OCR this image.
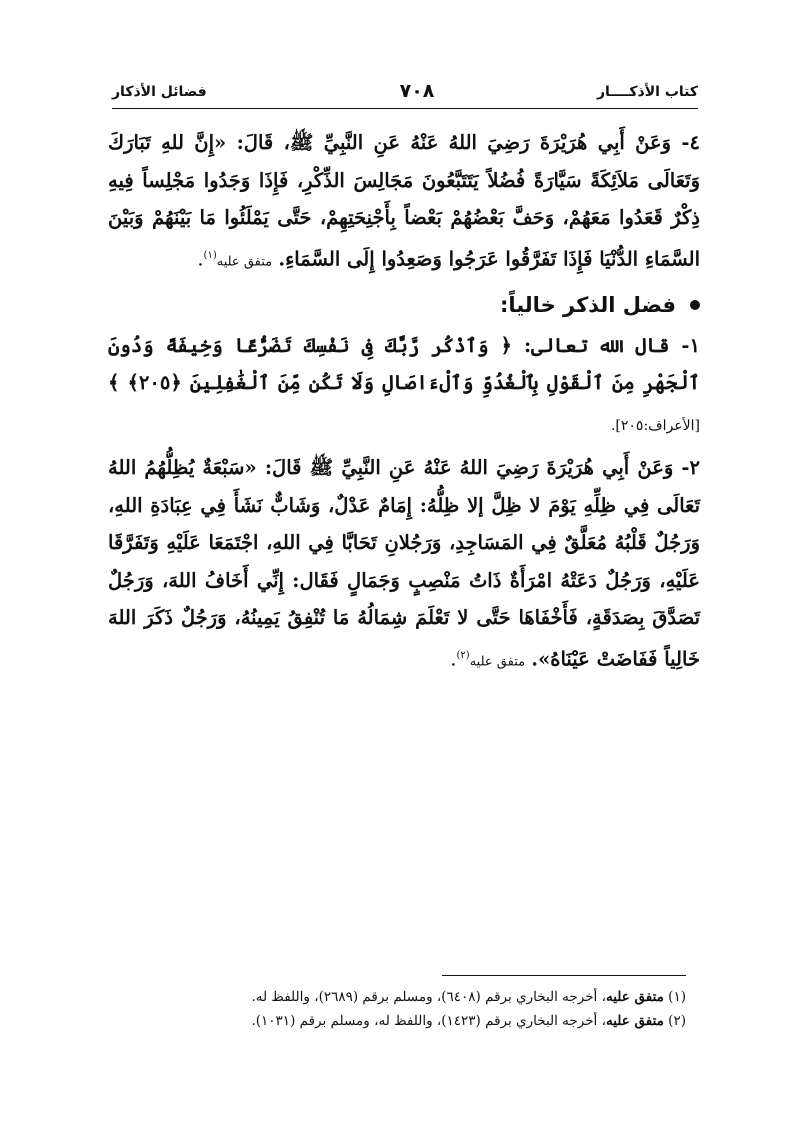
كتاب الأذكــــار
٧٠٨
فضائل الأذكار

٤- وَعَنْ أَبِي هُرَيْرَةَ رَضِيَ اللهُ عَنْهُ عَنِ النَّبِيِّ ﷺ، قَالَ: «إِنَّ للهِ تَبَارَكَ وَتَعَالَى مَلاَئِكَةً سَيَّارَةً فُضُلاً يَتَتَبَّعُونَ مَجَالِسَ الذِّكْرِ، فَإِذَا وَجَدُوا مَجْلِساً فِيهِ ذِكْرٌ قَعَدُوا مَعَهُمْ، وَحَفَّ بَعْضُهُمْ بَعْضاً بِأَجْنِحَتِهِمْ، حَتَّى يَمْلَئُوا مَا بَيْنَهُمْ وَبَيْنَ السَّمَاءِ الدُّنْيَا فَإِذَا تَفَرَّقُوا عَرَجُوا وَصَعِدُوا إِلَى السَّمَاءِ. متفق عليه$^{(١)}$.

فضل الذكر خالياً:

١- قال الله تعالى: ﴿ وَٱذْكُر رَّبَّكَ فِى نَفْسِكَ تَضَرُّعًا وَخِيفَةً وَدُونَ ٱلْجَهْرِ مِنَ ٱلْقَوْلِ بِٱلْغُدُوِّ وَٱلْءَاصَالِ وَلَا تَكُن مِّنَ ٱلْغَٰفِلِينَ ﴿٢٠٥﴾ ﴾ [الأعراف:٢٠٥].

٢- وَعَنْ أَبِي هُرَيْرَةَ رَضِيَ اللهُ عَنْهُ عَنِ النَّبِيِّ ﷺ قَالَ: «سَبْعَةٌ يُظِلُّهُمُ اللهُ تَعَالَى فِي ظِلِّهِ يَوْمَ لا ظِلَّ إلا ظِلُّهُ: إِمَامٌ عَدْلٌ، وَشَابٌّ نَشَأَ فِي عِبَادَةِ اللهِ، وَرَجُلٌ قَلْبُهُ مُعَلَّقٌ فِي المَسَاجِدِ، وَرَجُلانِ تَحَابَّا فِي اللهِ، اجْتَمَعَا عَلَيْهِ وَتَفَرَّقَا عَلَيْهِ، وَرَجُلٌ دَعَتْهُ امْرَأَةٌ ذَاتُ مَنْصِبٍ وَجَمَالٍ فَقَال: إِنِّي أَخَافُ اللهَ، وَرَجُلٌ تَصَدَّقَ بِصَدَقَةٍ، فَأَخْفَاهَا حَتَّى لا تَعْلَمَ شِمَالُهُ مَا تُنْفِقُ يَمِينُهُ، وَرَجُلٌ ذَكَرَ اللهَ خَالِياً فَفَاضَتْ عَيْنَاهُ». متفق عليه$^{(٢)}$.

(١) متفق عليه، أخرجه البخاري برقم (٦٤٠٨)، ومسلم برقم (٢٦٨٩)، واللفظ له.

(٢) متفق عليه، أخرجه البخاري برقم (١٤٢٣)، واللفظ له، ومسلم برقم (١٠٣١).
